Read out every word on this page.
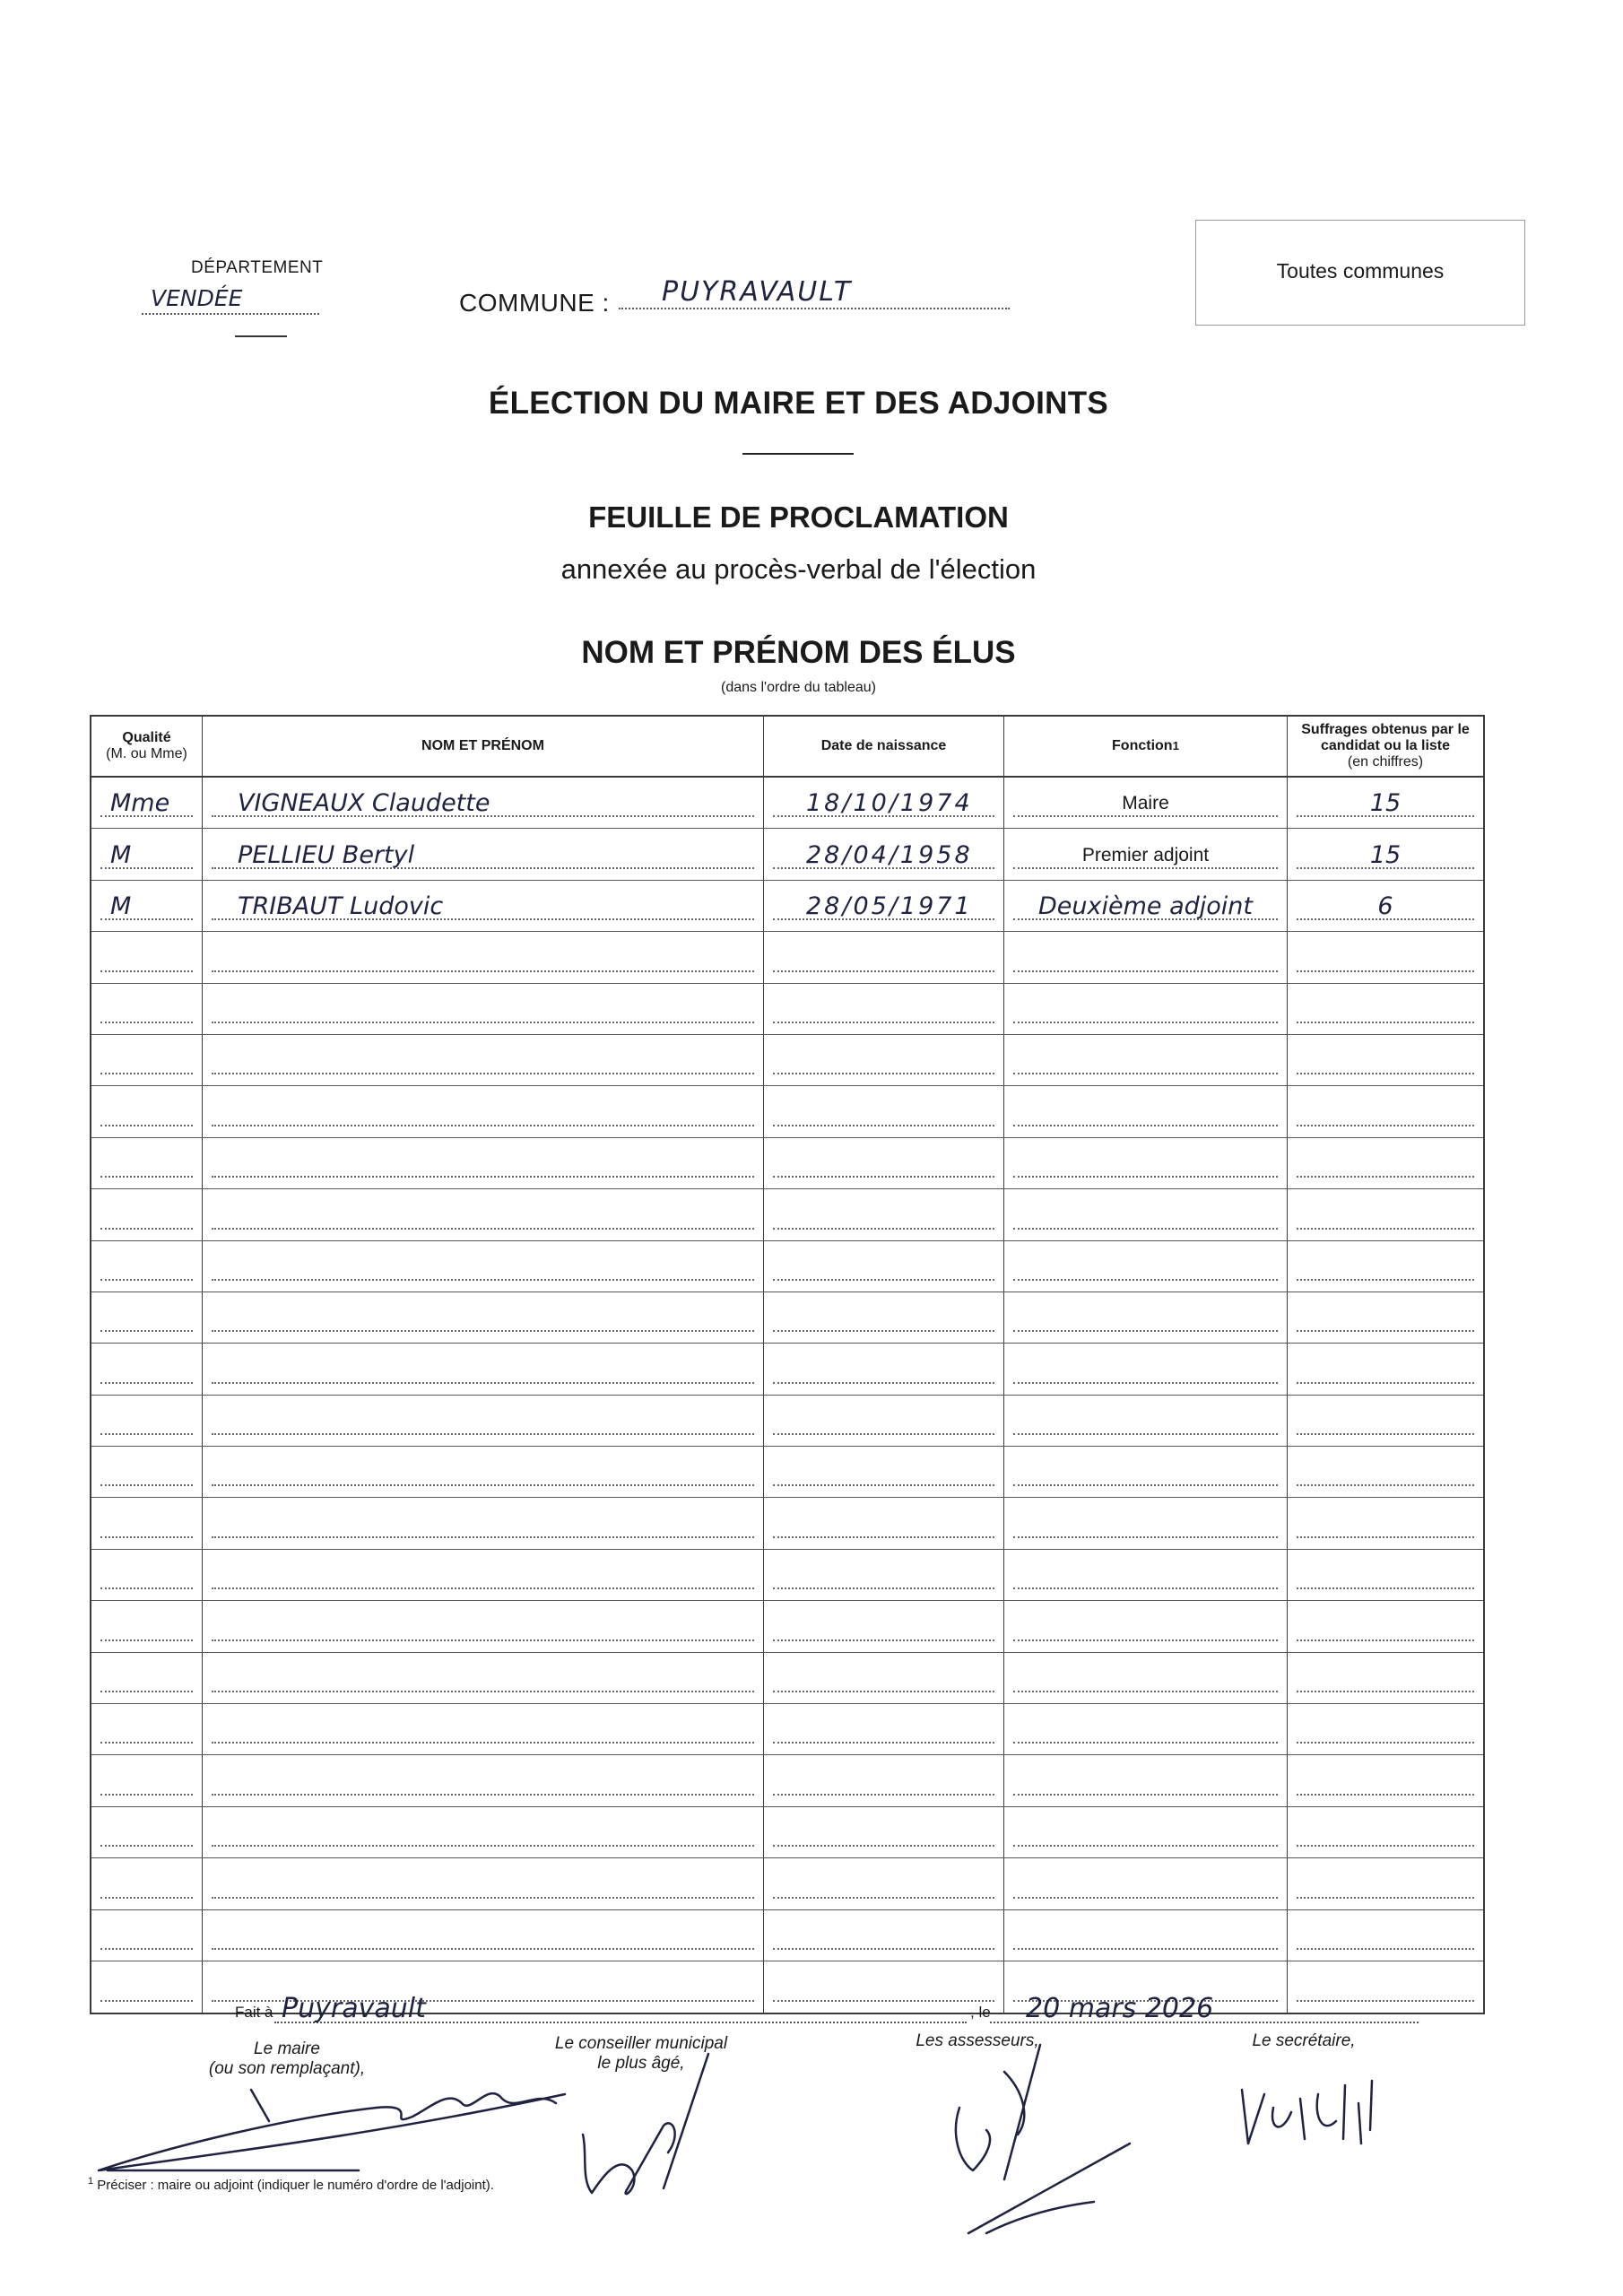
DÉPARTEMENT
VENDÉE	COMMUNE :	PUYRAVAULT
Toutes communes
ÉLECTION DU MAIRE ET DES ADJOINTS
FEUILLE DE PROCLAMATION
annexée au procès-verbal de l'élection
NOM ET PRÉNOM DES ÉLUS
(dans l'ordre du tableau)
Qualité
(M. ou Mme)
NOM ET PRÉNOM	Date de naissance	Fonction 1
Suffrages obtenus par le candidat ou la liste
(en chiffres)
Mme	VIGNEAUX Claudette	18/10/1974	Maire	15
M	PELLIEU Bertyl	28/04/1958	Premier adjoint	15
M	TRIBAUT Ludovic	28/05/1971	Deuxième adjoint	6
Fait à Puyravault	, le	20 mars 2026
Le maire
(ou son remplaçant),
Le conseiller municipal
le plus âgé,
Les assesseurs,	Le secrétaire,
$^1$ Préciser : maire ou adjoint (indiquer le numéro d'ordre de l'adjoint).
